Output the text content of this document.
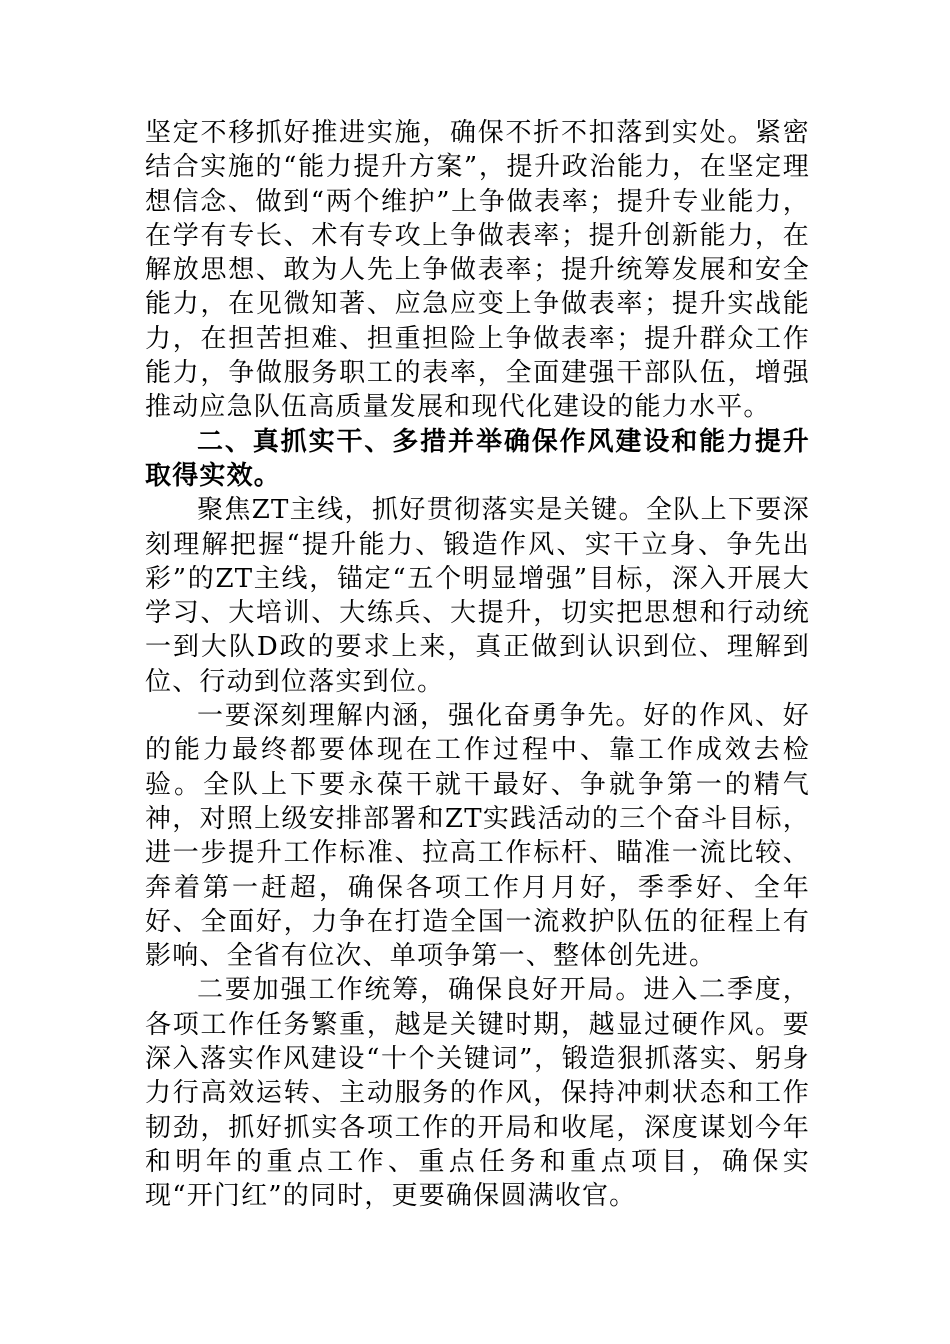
坚定不移抓好推进实施，确保不折不扣落到实处。紧密结合实施的“能力提升方案”，提升政治能力，在坚定理想信念、做到“两个维护”上争做表率；提升专业能力，在学有专长、术有专攻上争做表率；提升创新能力，在解放思想、敢为人先上争做表率；提升统筹发展和安全能力，在见微知著、应急应变上争做表率；提升实战能力，在担苦担难、担重担险上争做表率；提升群众工作能力，争做服务职工的表率，全面建强干部队伍，增强推动应急队伍高质量发展和现代化建设的能力水平。

二、真抓实干、多措并举确保作风建设和能力提升取得实效。

聚焦ZT主线，抓好贯彻落实是关键。全队上下要深刻理解把握“提升能力、锻造作风、实干立身、争先出彩”的ZT主线，锚定“五个明显增强”目标，深入开展大学习、大培训、大练兵、大提升，切实把思想和行动统一到大队D政的要求上来，真正做到认识到位、理解到位、行动到位落实到位。

一要深刻理解内涵，强化奋勇争先。好的作风、好的能力最终都要体现在工作过程中、靠工作成效去检验。全队上下要永葆干就干最好、争就争第一的精气神，对照上级安排部署和ZT实践活动的三个奋斗目标，进一步提升工作标准、拉高工作标杆、瞄准一流比较、奔着第一赶超，确保各项工作月月好，季季好、全年好、全面好，力争在打造全国一流救护队伍的征程上有影响、全省有位次、单项争第一、整体创先进。

二要加强工作统筹，确保良好开局。进入二季度，各项工作任务繁重，越是关键时期，越显过硬作风。要深入落实作风建设“十个关键词”，锻造狠抓落实、躬身力行高效运转、主动服务的作风，保持冲刺状态和工作韧劲，抓好抓实各项工作的开局和收尾，深度谋划今年和明年的重点工作、重点任务和重点项目，确保实现“开门红”的同时，更要确保圆满收官。
